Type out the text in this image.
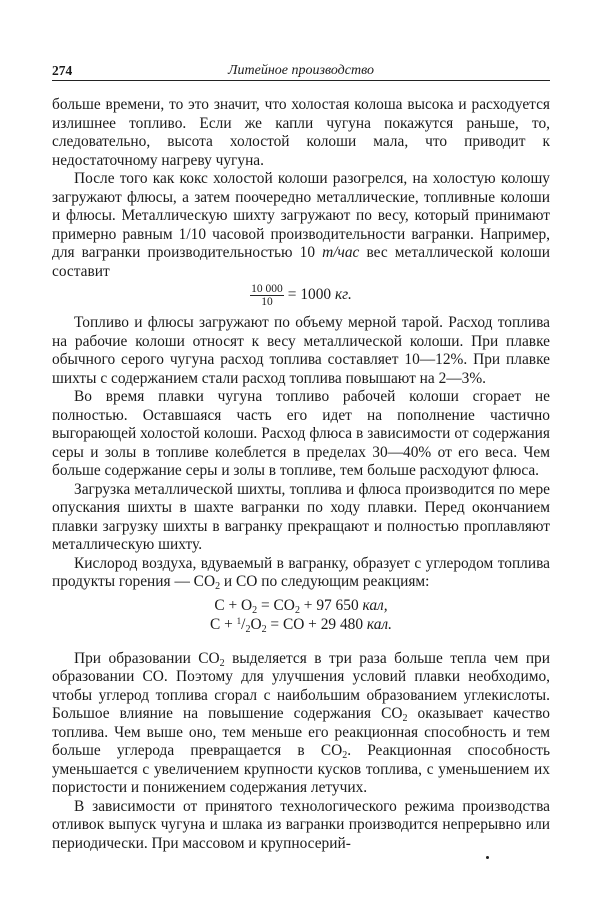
274	Литейное производство

больше времени, то это значит, что холостая колоша высока и расходуется излишнее топливо. Если же капли чугуна покажутся раньше, то, следовательно, высота холостой колоши мала, что приводит к недостаточному нагреву чугуна.

После того как кокс холостой колоши разогрелся, на холостую колошу загружают флюсы, а затем поочередно металлические, топливные колоши и флюсы. Металлическую шихту загружают по весу, который принимают примерно равным 1/10 часовой производительности вагранки. Например, для вагранки производительностью 10 т/час вес металлической колоши составит

$\frac{10 000}{10} = 1000$ кг.

Топливо и флюсы загружают по объему мерной тарой. Расход топлива на рабочие колоши относят к весу металлической колоши. При плавке обычного серого чугуна расход топлива составляет 10—12%. При плавке шихты с содержанием стали расход топлива повышают на 2—3%.

Во время плавки чугуна топливо рабочей колоши сгорает не полностью. Оставшаяся часть его идет на пополнение частично выгорающей холостой колоши. Расход флюса в зависимости от содержания серы и золы в топливе колеблется в пределах 30—40% от его веса. Чем больше содержание серы и золы в топливе, тем больше расходуют флюса.

Загрузка металлической шихты, топлива и флюса производится по мере опускания шихты в шахте вагранки по ходу плавки. Перед окончанием плавки загрузку шихты в вагранку прекращают и полностью проплавляют металлическую шихту.

Кислород воздуха, вдуваемый в вагранку, образует с углеродом топлива продукты горения — $CO_2$ и CO по следующим реакциям:

$C + O_2 = CO_2 + 97$ 650 кал,
$C + ^1/_2O_2$ = CO + 29 480 кал.

При образовании $CO_2$ выделяется в три раза больше тепла чем при образовании CO. Поэтому для улучшения условий плавки необходимо, чтобы углерод топлива сгорал с наибольшим образованием углекислоты. Большое влияние на повышение содержания $CO_2$ оказывает качество топлива. Чем выше оно, тем меньше его реакционная способность и тем больше углерода превращается в $CO_2$. Реакционная способность уменьшается с увеличением крупности кусков топлива, с уменьшением их пористости и понижением содержания летучих.

В зависимости от принятого технологического режима производства отливок выпуск чугуна и шлака из вагранки производится непрерывно или периодически. При массовом и крупносерий-
